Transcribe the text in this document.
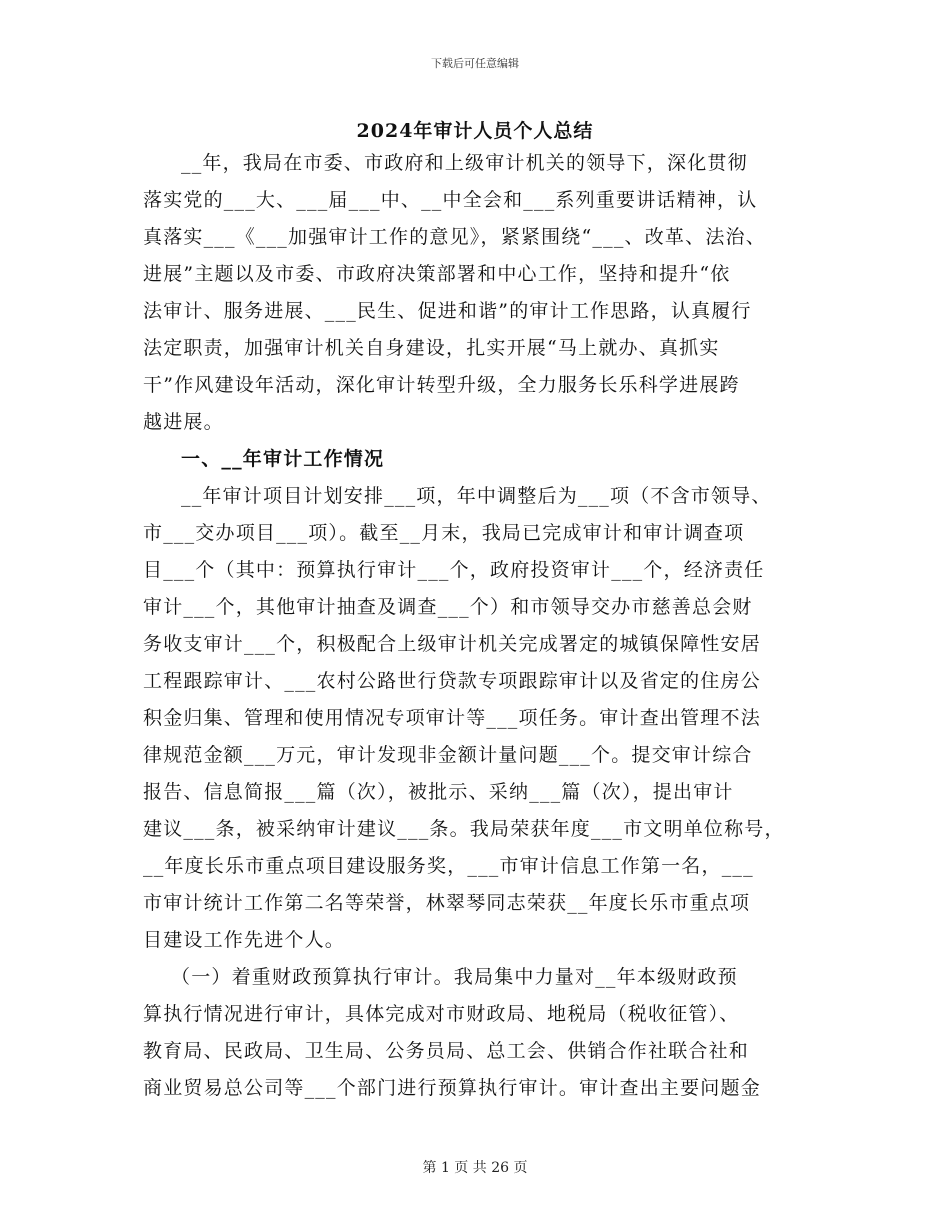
下载后可任意编辑
2024年审计人员个人总结
__年，我局在市委、市政府和上级审计机关的领导下，深化贯彻
落实党的___大、___届___中、__中全会和___系列重要讲话精神，认
真落实___《___加强审计工作的意见》，紧紧围绕“___、改革、法治、
进展”主题以及市委、市政府决策部署和中心工作，坚持和提升“依
法审计、服务进展、___民生、促进和谐”的审计工作思路，认真履行
法定职责，加强审计机关自身建设，扎实开展“马上就办、真抓实
干”作风建设年活动，深化审计转型升级，全力服务长乐科学进展跨
越进展。
一、__年审计工作情况
__年审计项目计划安排___项，年中调整后为___项（不含市领导、
市___交办项目___项）。截至__月末，我局已完成审计和审计调查项
目___个（其中：预算执行审计___个，政府投资审计___个，经济责任
审计___个，其他审计抽查及调查___个）和市领导交办市慈善总会财
务收支审计___个，积极配合上级审计机关完成署定的城镇保障性安居
工程跟踪审计、___农村公路世行贷款专项跟踪审计以及省定的住房公
积金归集、管理和使用情况专项审计等___项任务。审计查出管理不法
律规范金额___万元，审计发现非金额计量问题___个。提交审计综合
报告、信息简报___篇（次），被批示、采纳___篇（次），提出审计
建议___条，被采纳审计建议___条。我局荣获年度___市文明单位称号，
__年度长乐市重点项目建设服务奖，___市审计信息工作第一名，___
市审计统计工作第二名等荣誉，林翠琴同志荣获__年度长乐市重点项
目建设工作先进个人。
（一）着重财政预算执行审计。我局集中力量对__年本级财政预
算执行情况进行审计，具体完成对市财政局、地税局（税收征管）、
教育局、民政局、卫生局、公务员局、总工会、供销合作社联合社和
商业贸易总公司等___个部门进行预算执行审计。审计查出主要问题金
第 1 页 共 26 页
